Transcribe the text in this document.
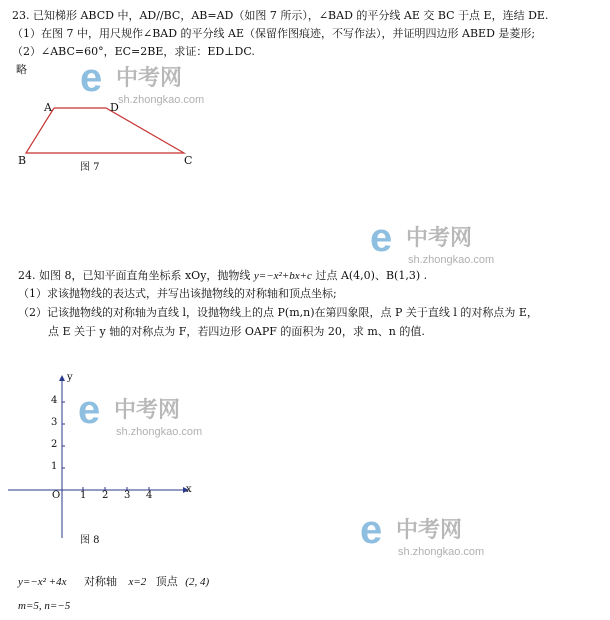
23. 已知梯形 ABCD 中，AD//BC，AB=AD（如图 7 所示），∠BAD 的平分线 AE 交 BC 于点 E，连结 DE.
（1）在图 7 中，用尺规作∠BAD 的平分线 AE（保留作图痕迹，不写作法），并证明四边形 ABED 是菱形;
（2）∠ABC=60°，EC=2BE，求证：ED⊥DC.
略 e 中考网
sh.zhongkao.com
A	D
B	C
图 7
e 中考网
sh.zhongkao.com
24. 如图 8，已知平面直角坐标系 xOy，抛物线 y=−x²+bx+c 过点 A(4,0)、B(1,3) .
（1）求该抛物线的表达式，并写出该抛物线的对称轴和顶点坐标;
（2）记该抛物线的对称轴为直线 l，设抛物线上的点 P(m,n)在第四象限，点 P 关于直线 l 的对称点为 E，
点 E 关于 y 轴的对称点为 F，若四边形 OAPF 的面积为 20，求 m、n 的值.
y
x
O
1
2
3
4
1 2 3 4
图 8
e 中考网
sh.zhongkao.com
e 中考网
sh.zhongkao.com
y=−x² +4x 对称轴 x=2 顶点 (2, 4)
m=5, n=−5
